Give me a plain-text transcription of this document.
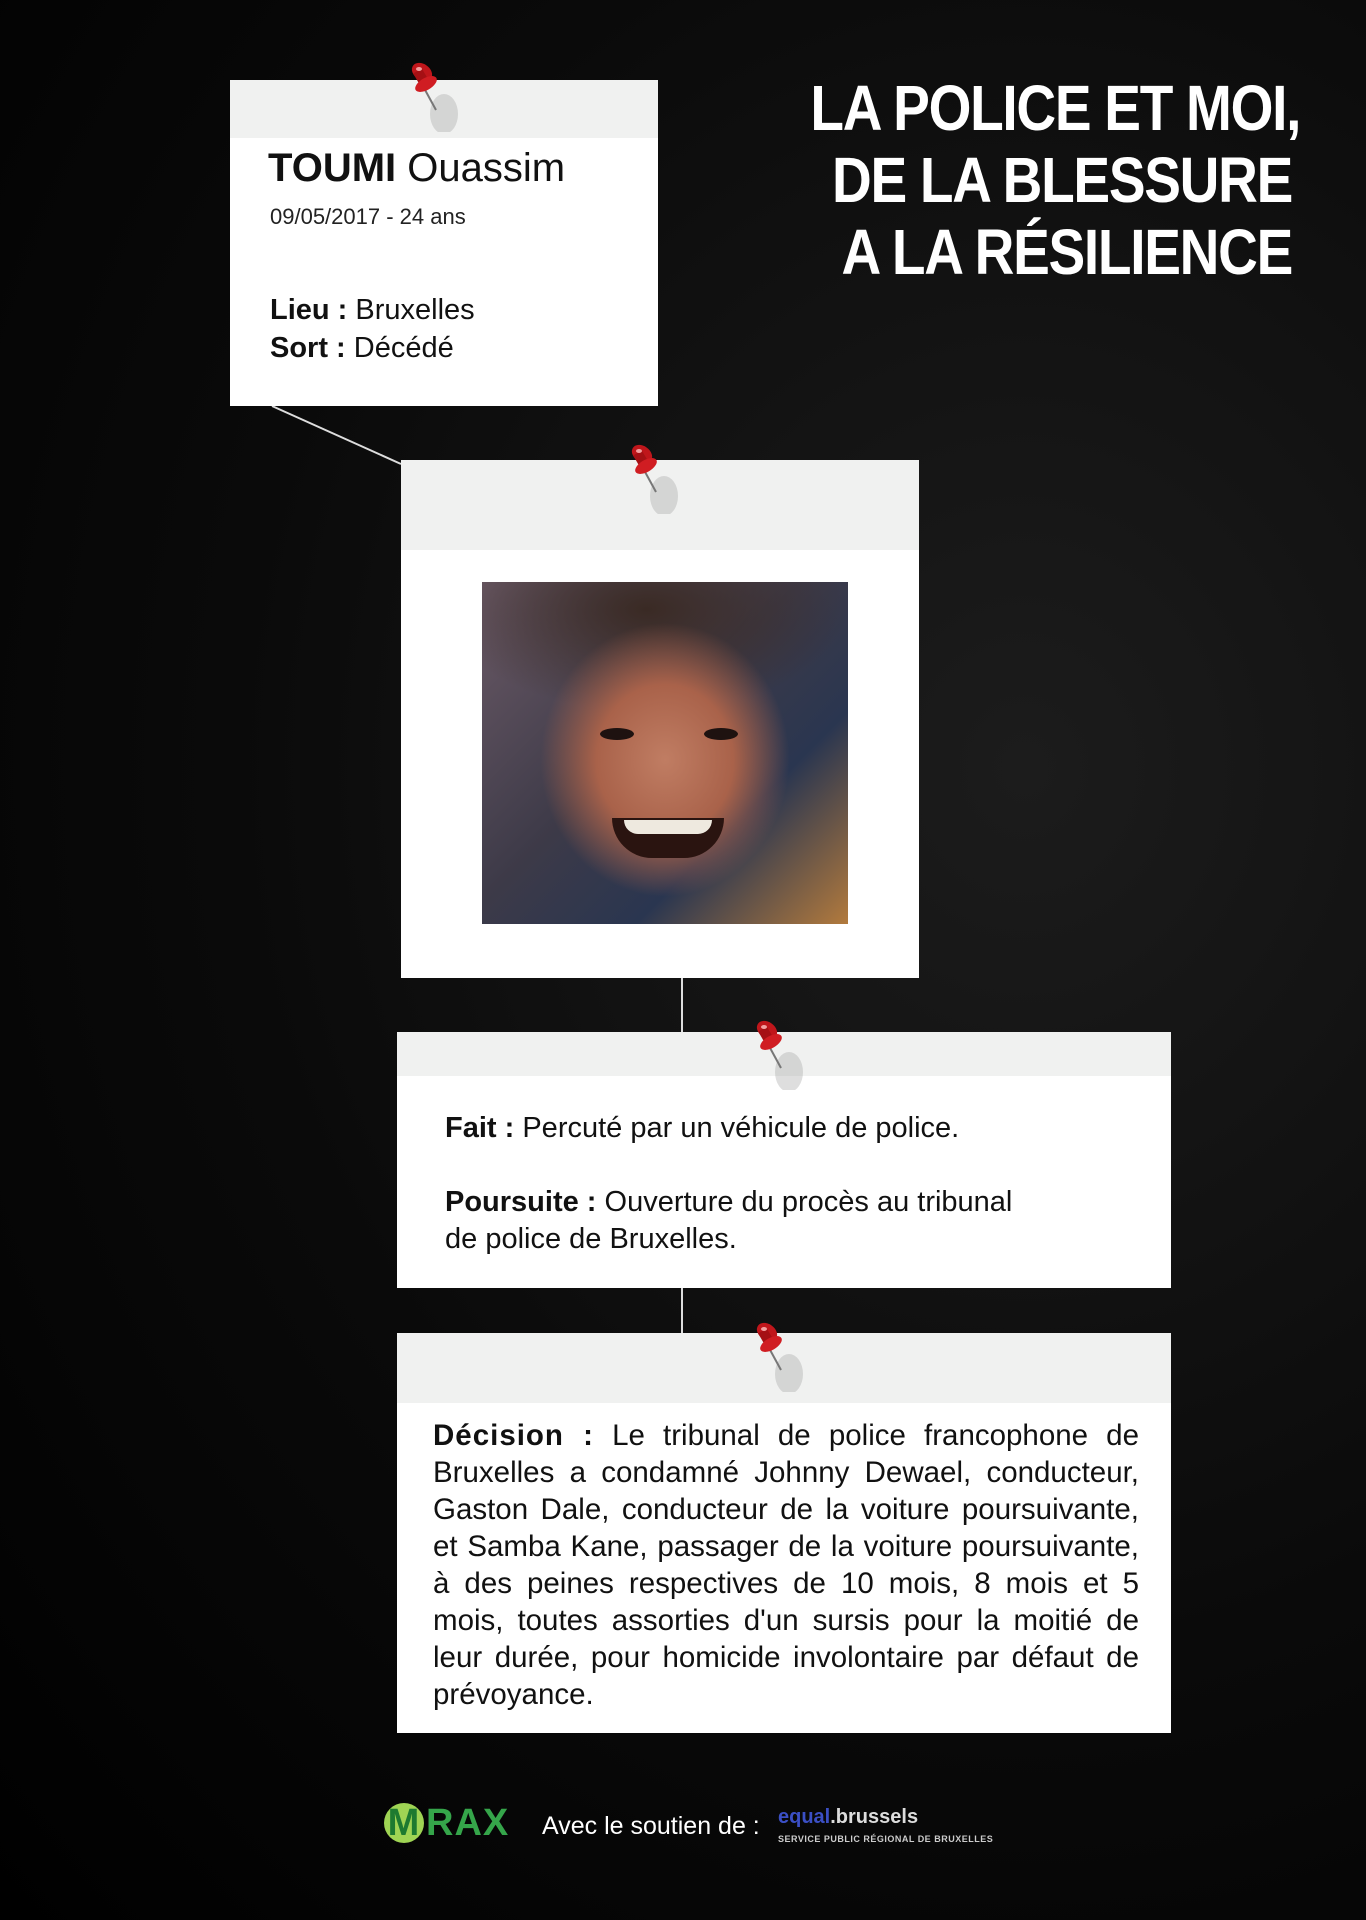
LA POLICE ET MOI,
DE LA BLESSURE
A LA RÉSILIENCE
TOUMI Ouassim
09/05/2017 - 24 ans
Lieu : Bruxelles
Sort : Décédé
Fait : Percuté par un véhicule de police.
Poursuite : Ouverture du procès au tribunal
de police de Bruxelles.
Décision : Le tribunal de police francophone de Bruxelles a condamné Johnny Dewael, conducteur, Gaston Dale, conducteur de la voiture poursuivante, et Samba Kane, passager de la voiture poursuivante, à des peines respectives de 10 mois, 8 mois et 5 mois, toutes assorties d'un sursis pour la moitié de leur durée, pour homicide involontaire par défaut de prévoyance.
M RAX Avec le soutien de : equal.brussels
SERVICE PUBLIC RÉGIONAL DE BRUXELLES
